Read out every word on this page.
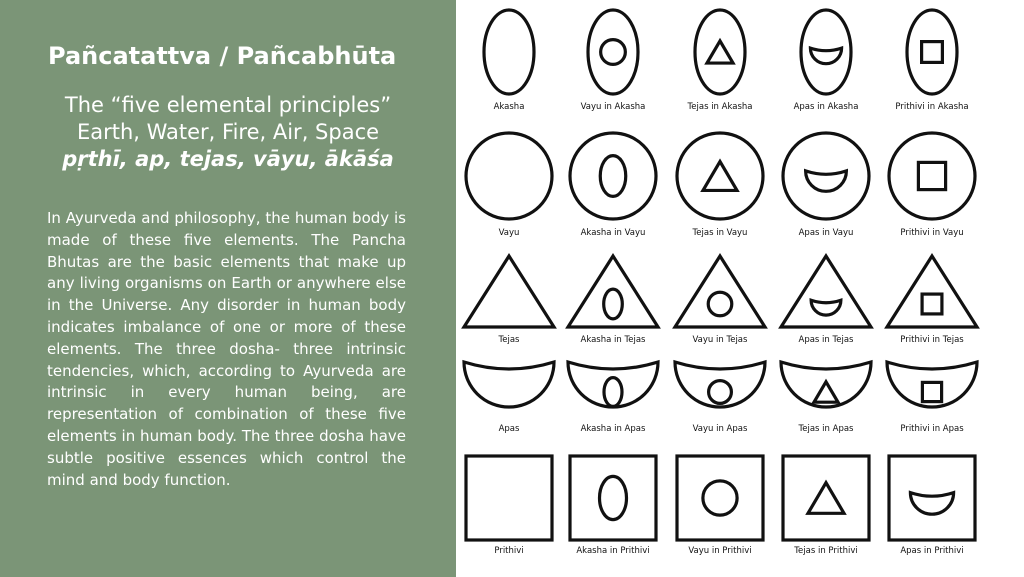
Pañcatattva / Pañcabhūta
The “five elemental principles”
Earth, Water, Fire, Air, Space
pṛthī, ap, tejas, vāyu, ākāśa

In Ayurveda and philosophy, the human body is made of these five elements. The Pancha Bhutas are the basic elements that make up any living organisms on Earth or anywhere else in the Universe. Any disorder in human body indicates imbalance of one or more of these elements. The three dosha- three intrinsic tendencies, which, according to Ayurveda are intrinsic in every human being, are representation of combination of these five elements in human body. The three dosha have subtle positive essences which control the mind and body function.

Akasha	Vayu in Akasha	Tejas in Akasha	Apas in Akasha	Prithivi in Akasha
Vayu	Akasha in Vayu	Tejas in Vayu	Apas in Vayu	Prithivi in Vayu
Tejas	Akasha in Tejas	Vayu in Tejas	Apas in Tejas	Prithivi in Tejas
Apas	Akasha in Apas	Vayu in Apas	Tejas in Apas	Prithivi in Apas
Prithivi	Akasha in Prithivi	Vayu in Prithivi	Tejas in Prithivi	Apas in Prithivi
